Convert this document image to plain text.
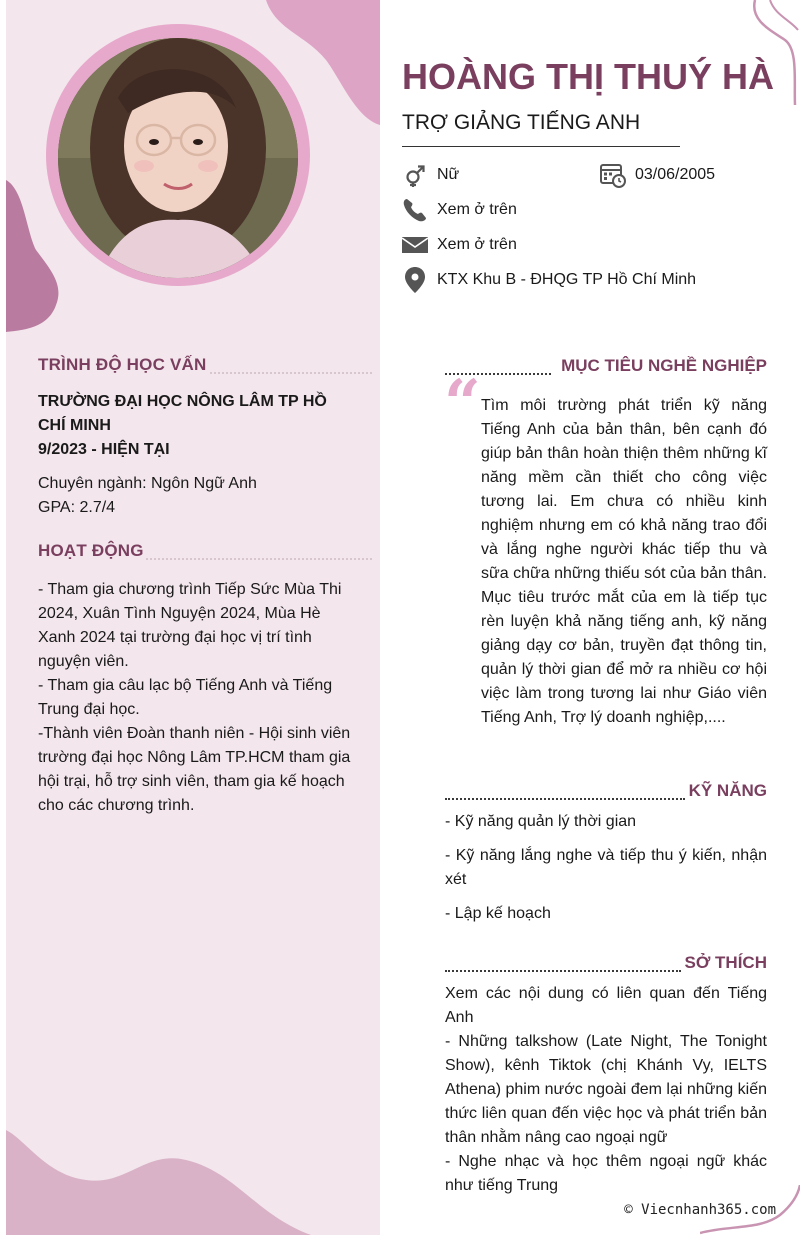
TRÌNH ĐỘ HỌC VẤN
TRƯỜNG ĐẠI HỌC NÔNG LÂM TP HỒ CHÍ MINH
9/2023 - HIỆN TẠI
Chuyên ngành: Ngôn Ngữ Anh
GPA: 2.7/4
HOẠT ĐỘNG
- Tham gia chương trình Tiếp Sức Mùa Thi 2024, Xuân Tình Nguyện 2024, Mùa Hè Xanh 2024 tại trường đại học vị trí tình nguyện viên.
- Tham gia câu lạc bộ Tiếng Anh và Tiếng Trung đại học.
-Thành viên Đoàn thanh niên - Hội sinh viên trường đại học Nông Lâm TP.HCM tham gia hội trại, hỗ trợ sinh viên, tham gia kế hoạch cho các chương trình.
HOÀNG THỊ THUÝ HÀ
TRỢ GIẢNG TIẾNG ANH
Nữ	03/06/2005
Xem ở trên
Xem ở trên
KTX Khu B - ĐHQG TP Hồ Chí Minh
MỤC TIÊU NGHỀ NGHIỆP
“ Tìm môi trường phát triển kỹ năng Tiếng Anh của bản thân, bên cạnh đó giúp bản thân hoàn thiện thêm những kĩ năng mềm cần thiết cho công việc tương lai. Em chưa có nhiều kinh nghiệm nhưng em có khả năng trao đổi và lắng nghe người khác tiếp thu và sữa chữa những thiếu sót của bản thân. Mục tiêu trước mắt của em là tiếp tục rèn luyện khả năng tiếng anh, kỹ năng giảng dạy cơ bản, truyền đạt thông tin, quản lý thời gian để mở ra nhiều cơ hội việc làm trong tương lai như Giáo viên Tiếng Anh, Trợ lý doanh nghiệp,....
KỸ NĂNG
- Kỹ năng quản lý thời gian
- Kỹ năng lắng nghe và tiếp thu ý kiến, nhận xét
- Lập kế hoạch
SỞ THÍCH
Xem các nội dung có liên quan đến Tiếng Anh
- Những talkshow (Late Night, The Tonight Show), kênh Tiktok (chị Khánh Vy, IELTS Athena) phim nước ngoài đem lại những kiến thức liên quan đến việc học và phát triển bản thân nhằm nâng cao ngoại ngữ
- Nghe nhạc và học thêm ngoại ngữ khác như tiếng Trung
© Viecnhanh365.com
